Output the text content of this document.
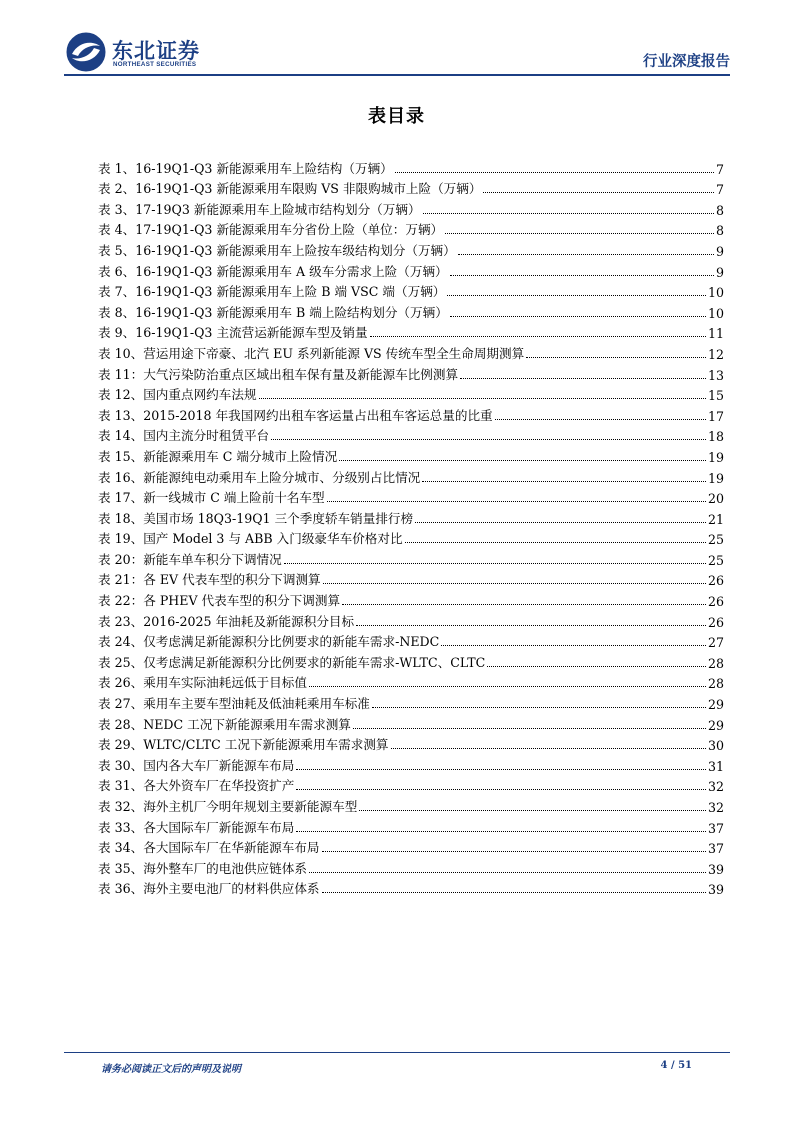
东北证券
NORTHEAST SECURITIES	行业深度报告
表目录
表 1、16-19Q1-Q3 新能源乘用车上险结构（万辆）	7
表 2、16-19Q1-Q3 新能源乘用车限购 VS 非限购城市上险（万辆）	7
表 3、17-19Q3 新能源乘用车上险城市结构划分（万辆）	8
表 4、17-19Q1-Q3 新能源乘用车分省份上险（单位：万辆）	8
表 5、16-19Q1-Q3 新能源乘用车上险按车级结构划分（万辆）	9
表 6、16-19Q1-Q3 新能源乘用车 A 级车分需求上险（万辆）	9
表 7、16-19Q1-Q3 新能源乘用车上险 B 端 VSC 端（万辆）	10
表 8、16-19Q1-Q3 新能源乘用车 B 端上险结构划分（万辆）	10
表 9、16-19Q1-Q3 主流营运新能源车型及销量	11
表 10、营运用途下帝豪、北汽 EU 系列新能源 VS 传统车型全生命周期测算	12
表 11：大气污染防治重点区域出租车保有量及新能源车比例测算	13
表 12、国内重点网约车法规	15
表 13、2015-2018 年我国网约出租车客运量占出租车客运总量的比重	17
表 14、国内主流分时租赁平台	18
表 15、新能源乘用车 C 端分城市上险情况	19
表 16、新能源纯电动乘用车上险分城市、分级别占比情况	19
表 17、新一线城市 C 端上险前十名车型	20
表 18、美国市场 18Q3-19Q1 三个季度轿车销量排行榜	21
表 19、国产 Model 3 与 ABB 入门级豪华车价格对比	25
表 20：新能车单车积分下调情况	25
表 21：各 EV 代表车型的积分下调测算	26
表 22：各 PHEV 代表车型的积分下调测算	26
表 23、2016-2025 年油耗及新能源积分目标	26
表 24、仅考虑满足新能源积分比例要求的新能车需求-NEDC	27
表 25、仅考虑满足新能源积分比例要求的新能车需求-WLTC、CLTC	28
表 26、乘用车实际油耗远低于目标值	28
表 27、乘用车主要车型油耗及低油耗乘用车标准	29
表 28、NEDC 工况下新能源乘用车需求测算	29
表 29、WLTC/CLTC 工况下新能源乘用车需求测算	30
表 30、国内各大车厂新能源车布局	31
表 31、各大外资车厂在华投资扩产	32
表 32、海外主机厂今明年规划主要新能源车型	32
表 33、各大国际车厂新能源车布局	37
表 34、各大国际车厂在华新能源车布局	37
表 35、海外整车厂的电池供应链体系	39
表 36、海外主要电池厂的材料供应体系	39
请务必阅读正文后的声明及说明	4 / 51
